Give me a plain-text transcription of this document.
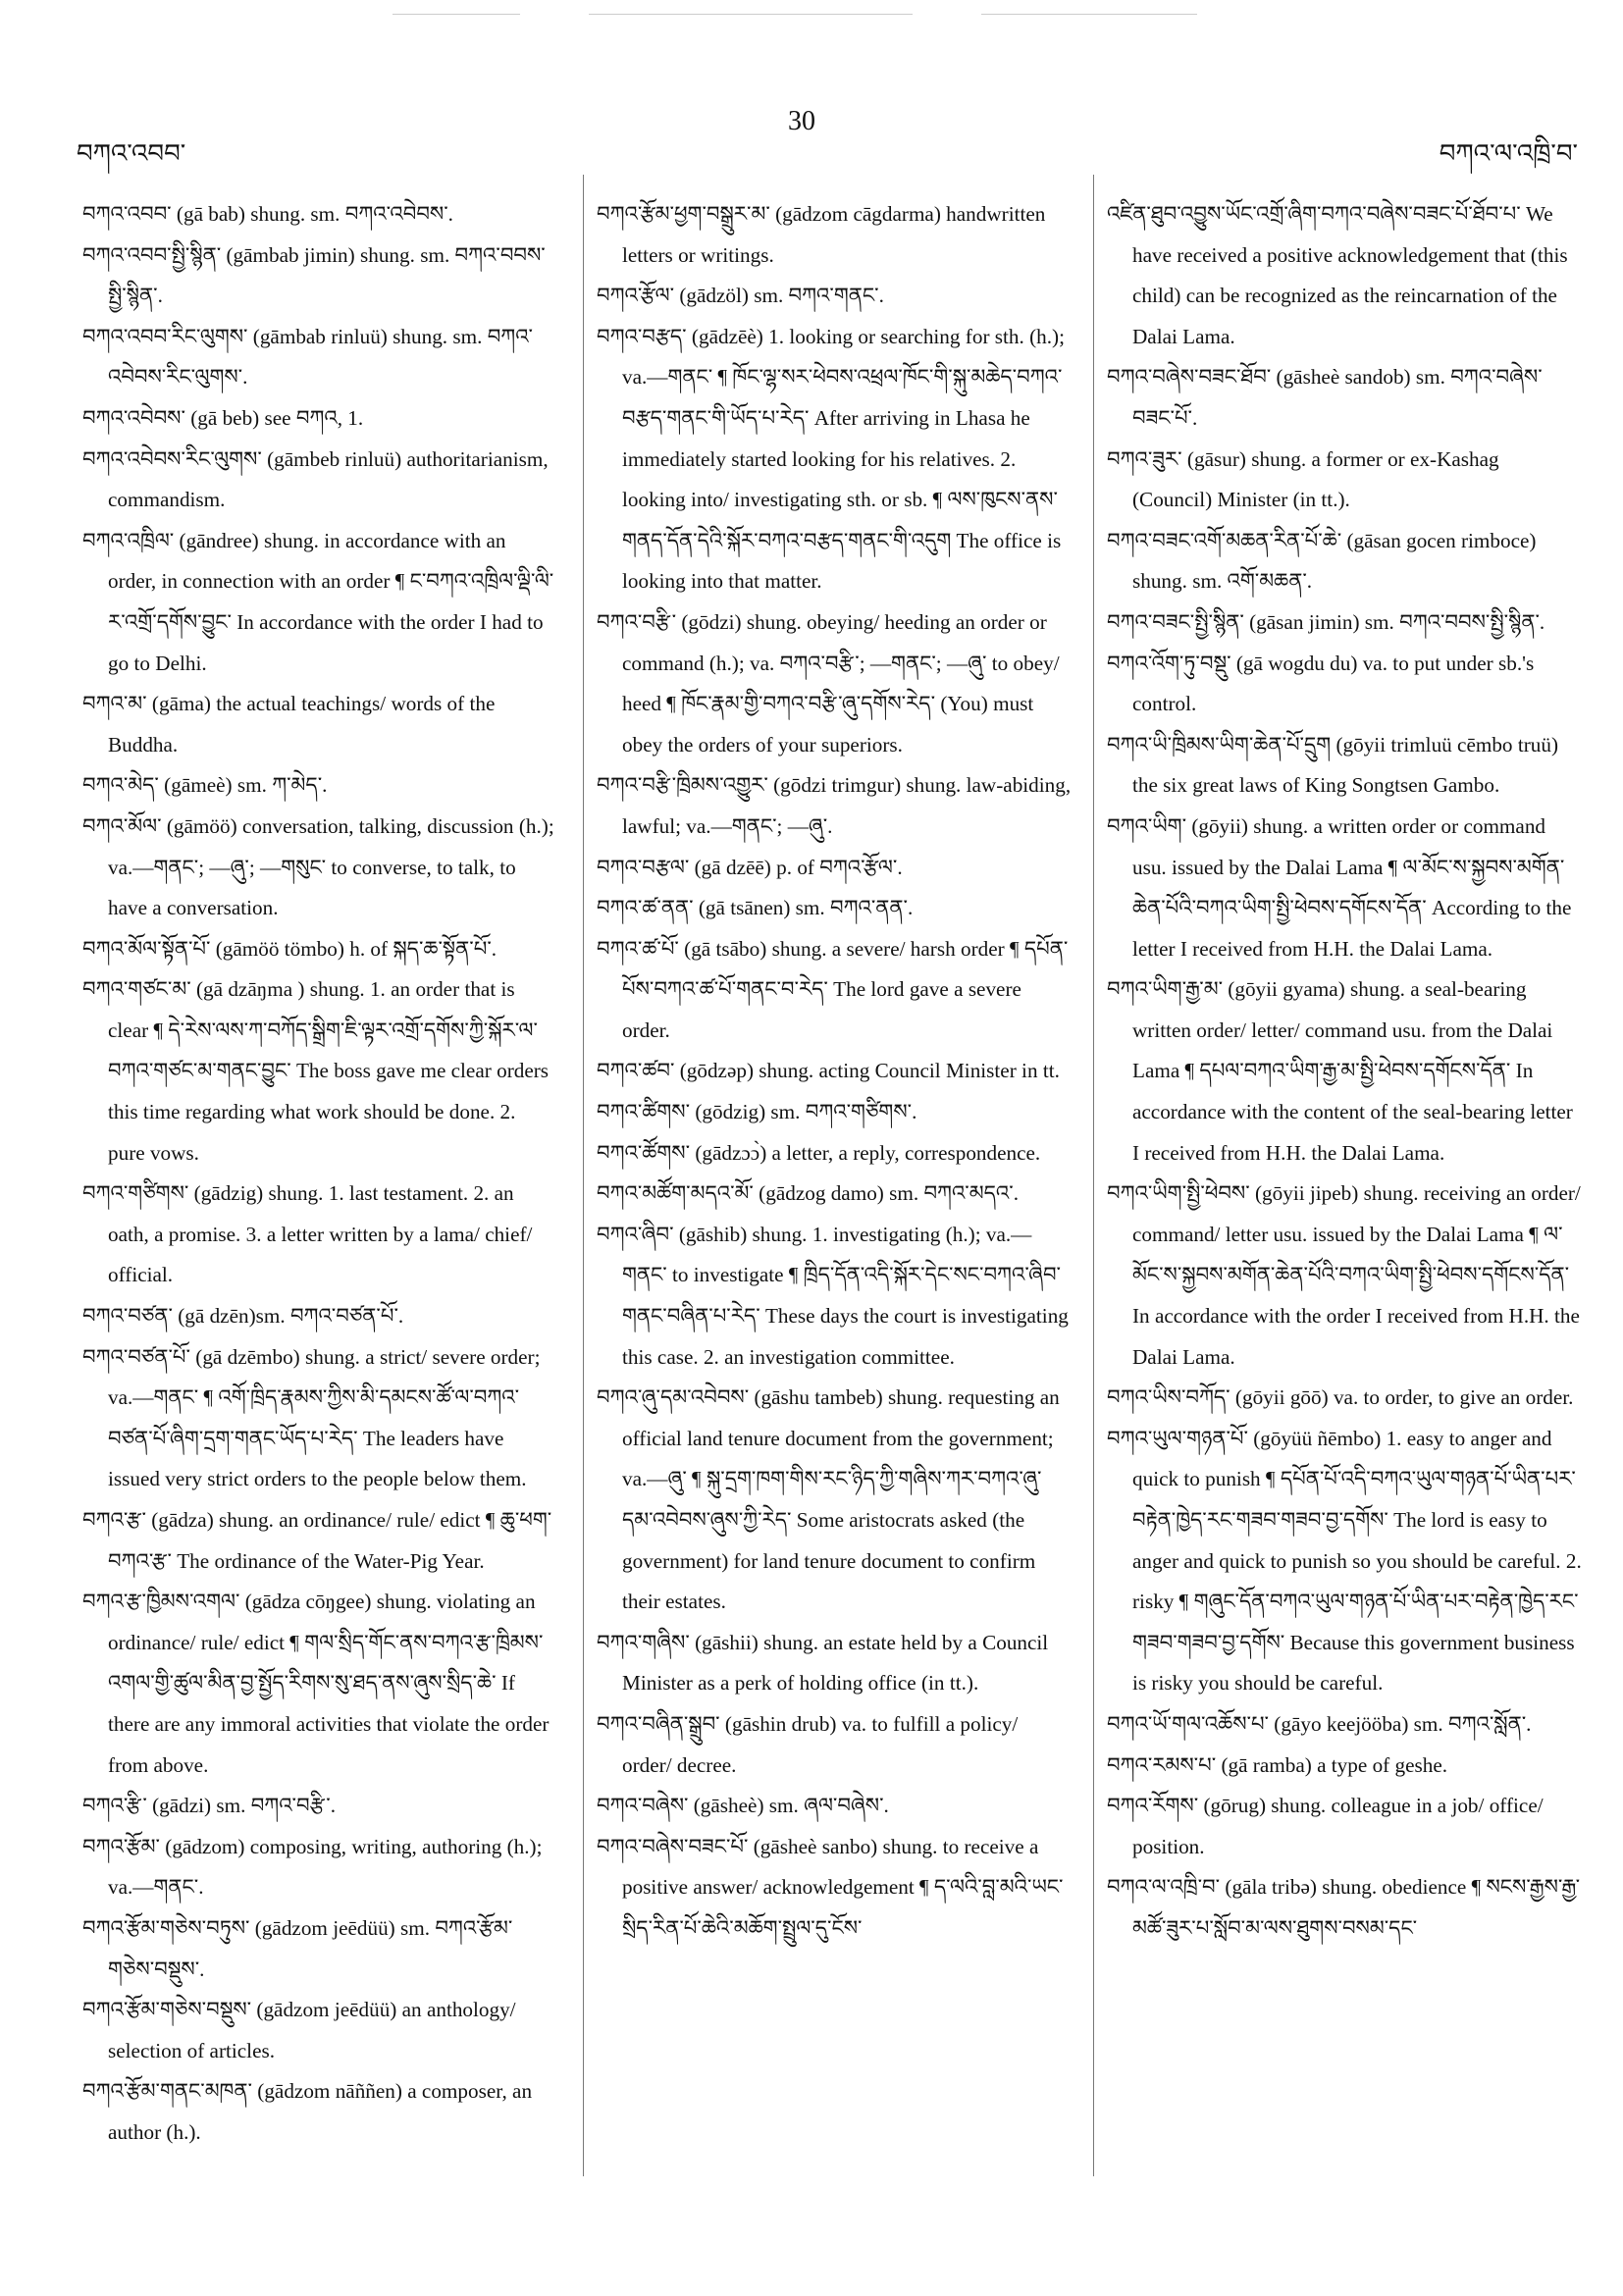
བཀའ་འབབ་
30
བཀའ་ལ་འཁྲི་བ་
བཀའ་འབབ་ (gā bab) shung. sm. བཀའ་འབེབས་.
བཀའ་འབབ་སྤྱི་སྙིན་ (gāmbab jimin) shung. sm. བཀའ་བབས་སྤྱི་སྙིན་.
བཀའ་འབབ་རིང་ལུགས་ (gāmbab rinluü) shung. sm. བཀའ་འབེབས་རིང་ལུགས་.
བཀའ་འབེབས་ (gā beb) see བཀའ, 1.
བཀའ་འབེབས་རིང་ལུགས་ (gāmbeb rinluü) authoritarianism, commandism.
བཀའ་འཁྲིལ་ (gāndree) shung. in accordance with an order, in connection with an order ¶ ང་བཀའ་འཁྲིལ་ལྡི་ལི་ར་འགྲོ་དགོས་བྱུང་ In accordance with the order I had to go to Delhi.
བཀའ་མ་ (gāma) the actual teachings/ words of the Buddha.
བཀའ་མེད་ (gāmeè) sm. ཀ་མེད་.
བཀའ་མོལ་ (gāmöö) conversation, talking, discussion (h.); va.—གནང་; —ཞུ་; —གསུང་ to converse, to talk, to have a conversation.
བཀའ་མོལ་སྟོན་པོ་ (gāmöö tömbo) h. of སྐད་ཆ་སྟོན་པོ་.
བཀའ་གཙང་མ་ (gā dzāŋma ) shung. 1. an order that is clear ¶ དེ་རེས་ལས་ཀ་བཀོད་སྒྲིག་ཇི་ལྟར་འགྲོ་དགོས་ཀྱི་སྐོར་ལ་བཀའ་གཙང་མ་གནང་བྱུང་ The boss gave me clear orders this time regarding what work should be done. 2. pure vows.
བཀའ་གཙིགས་ (gādzig) shung. 1. last testament. 2. an oath, a promise. 3. a letter written by a lama/ chief/ official.
བཀའ་བཙན་ (gā dzēn)sm. བཀའ་བཙན་པོ་.
བཀའ་བཙན་པོ་ (gā dzēmbo) shung. a strict/ severe order; va.—གནང་ ¶ འགོ་ཁྲིད་རྣམས་ཀྱིས་མི་དམངས་ཚོ་ལ་བཀའ་བཙན་པོ་ཞིག་དྲག་གནང་ཡོད་པ་རེད་ The leaders have issued very strict orders to the people below them.
བཀའ་རྩ་ (gādza) shung. an ordinance/ rule/ edict ¶ ཆུ་ཕག་བཀའ་རྩ་ The ordinance of the Water-Pig Year.
བཀའ་རྩ་ཁྱིམས་འགལ་ (gādza cōŋgee) shung. violating an ordinance/ rule/ edict ¶ གལ་སྲིད་གོང་ནས་བཀའ་རྩ་ཁྲིམས་འགལ་གྱི་ཚུལ་མིན་བྱ་སྤྱོད་རིགས་སུ་ཐད་ནས་ཞུས་སྲིད་ཆེ་ If there are any immoral activities that violate the order from above.
བཀའ་རྩི་ (gādzi) sm. བཀའ་བརྩི་.
བཀའ་རྩོམ་ (gādzom) composing, writing, authoring (h.); va.—གནང་.
བཀའ་རྩོམ་གཅེས་བཏུས་ (gādzom jeēdüü) sm. བཀའ་རྩོམ་གཅེས་བསྡུས་.
བཀའ་རྩོམ་གཅེས་བསྡུས་ (gādzom jeēdüü) an anthology/ selection of articles.
བཀའ་རྩོམ་གནང་མཁན་ (gādzom nāññen) a composer, an author (h.).
བཀའ་རྩོམ་ཕྱག་བསྒྲུར་མ་ (gādzom cāgdarma) handwritten letters or writings.
བཀའ་རྩོལ་ (gādzöl) sm. བཀའ་གནང་.
བཀའ་བརྩད་ (gādzēè) 1. looking or searching for sth. (h.); va.—གནང་ ¶ ཁོང་ལྷ་སར་ཕེབས་འཕྲལ་ཁོང་གི་སྐུ་མཆེད་བཀའ་བརྩད་གནང་གི་ཡོད་པ་རེད་ After arriving in Lhasa he immediately started looking for his relatives. 2. looking into/ investigating sth. or sb. ¶ ལས་ཁུངས་ནས་གནད་དོན་དེའི་སྐོར་བཀའ་བརྩད་གནང་གི་འདུག The office is looking into that matter.
བཀའ་བརྩི་ (gōdzi) shung. obeying/ heeding an order or command (h.); va. བཀའ་བརྩི་; —གནང་; —ཞུ་ to obey/ heed ¶ ཁོང་རྣམ་གྱི་བཀའ་བརྩི་ཞུ་དགོས་རེད་ (You) must obey the orders of your superiors.
བཀའ་བརྩི་ཁྲིམས་འགྱུར་ (gōdzi trimgur) shung. law-abiding, lawful; va.—གནང་; —ཞུ་.
བཀའ་བརྩལ་ (gā dzēē) p. of བཀའ་རྩོལ་.
བཀའ་ཚ་ནན་ (gā tsānen) sm. བཀའ་ནན་.
བཀའ་ཚ་པོ་ (gā tsābo) shung. a severe/ harsh order ¶ དཔོན་པོས་བཀའ་ཚ་པོ་གནང་བ་རེད་ The lord gave a severe order.
བཀའ་ཚབ་ (gōdzəp) shung. acting Council Minister in tt.
བཀའ་ཚིགས་ (gōdzig) sm. བཀའ་གཙིགས་.
བཀའ་ཚོགས་ (gādzɔɔ̀) a letter, a reply, correspondence.
བཀའ་མཚོག་མདའ་མོ་ (gādzog damo) sm. བཀའ་མདའ་.
བཀའ་ཞིབ་ (gāshib) shung. 1. investigating (h.); va.—གནང་ to investigate ¶ ཁྲིད་དོན་འདི་སྐོར་དེང་སང་བཀའ་ཞིབ་གནང་བཞིན་པ་རེད་ These days the court is investigating this case. 2. an investigation committee.
བཀའ་ཞུ་དམ་འབེབས་ (gāshu tambeb) shung. requesting an official land tenure document from the government; va.—ཞུ་ ¶ སྐུ་དྲག་ཁག་གིས་རང་ཉིད་ཀྱི་གཞིས་ཀར་བཀའ་ཞུ་དམ་འབེབས་ཞུས་ཀྱི་རེད་ Some aristocrats asked (the government) for land tenure document to confirm their estates.
བཀའ་གཞིས་ (gāshii) shung. an estate held by a Council Minister as a perk of holding office (in tt.).
བཀའ་བཞིན་སྒྲུབ་ (gāshin drub) va. to fulfill a policy/ order/ decree.
བཀའ་བཞེས་ (gāsheè) sm. ཞལ་བཞེས་.
བཀའ་བཞེས་བཟང་པོ་ (gāsheè sanbo) shung. to receive a positive answer/ acknowledgement ¶ ད་ལའི་བླ་མའི་ཡང་སྲིད་རིན་པོ་ཆེའི་མཆོག་སྤྲུལ་དུ་ངོས་
འཛིན་ཐུབ་འབྱུས་ཡོང་འགྲོ་ཞིག་བཀའ་བཞེས་བཟང་པོ་ཐོབ་པ་ We have received a positive acknowledgement that (this child) can be recognized as the reincarnation of the Dalai Lama.
བཀའ་བཞེས་བཟང་ཐོབ་ (gāsheè sandob) sm. བཀའ་བཞེས་བཟང་པོ་.
བཀའ་ཟུར་ (gāsur) shung. a former or ex-Kashag (Council) Minister (in tt.).
བཀའ་བཟང་འགོ་མཆན་རིན་པོ་ཆེ་ (gāsan gocen rimboce) shung. sm. འགོ་མཆན་.
བཀའ་བཟང་སྤྱི་སྙིན་ (gāsan jimin) sm. བཀའ་བབས་སྤྱི་སྙིན་.
བཀའ་འོག་ཏུ་བསྡུ་ (gā wogdu du) va. to put under sb.'s control.
བཀའ་ཡི་ཁྲིམས་ཡིག་ཆེན་པོ་དྲུག (gōyii trimluü cēmbo truü) the six great laws of King Songtsen Gambo.
བཀའ་ཡིག་ (gōyii) shung. a written order or command usu. issued by the Dalai Lama ¶ ལ་མོང་ས་སྐྱབས་མགོན་ཆེན་པོའི་བཀའ་ཡིག་སྤྱི་ཕེབས་དགོངས་དོན་ According to the letter I received from H.H. the Dalai Lama.
བཀའ་ཡིག་རྒྱ་མ་ (gōyii gyama) shung. a seal-bearing written order/ letter/ command usu. from the Dalai Lama ¶ དཔལ་བཀའ་ཡིག་རྒྱ་མ་སྤྱི་ཕེབས་དགོངས་དོན་ In accordance with the content of the seal-bearing letter I received from H.H. the Dalai Lama.
བཀའ་ཡིག་སྤྱི་ཕེབས་ (gōyii jipeb) shung. receiving an order/ command/ letter usu. issued by the Dalai Lama ¶ ལ་མོང་ས་སྐྱབས་མགོན་ཆེན་པོའི་བཀའ་ཡིག་སྤྱི་ཕེབས་དགོངས་དོན་ In accordance with the order I received from H.H. the Dalai Lama.
བཀའ་ཡིས་བཀོད་ (gōyii gōō) va. to order, to give an order.
བཀའ་ཡུལ་གཉན་པོ་ (gōyüü ñēmbo) 1. easy to anger and quick to punish ¶ དཔོན་པོ་འདི་བཀའ་ཡུལ་གཉན་པོ་ཡིན་པར་བརྟེན་ཁྱེད་རང་གཟབ་གཟབ་བྱ་དགོས་ The lord is easy to anger and quick to punish so you should be careful. 2. risky ¶ གཞུང་དོན་བཀའ་ཡུལ་གཉན་པོ་ཡིན་པར་བརྟེན་ཁྱེད་རང་གཟབ་གཟབ་བྱ་དགོས་ Because this government business is risky you should be careful.
བཀའ་ཡོ་གལ་འཆོས་པ་ (gāyo keejööba) sm. བཀའ་སློན་.
བཀའ་རམས་པ་ (gā ramba) a type of geshe.
བཀའ་རོགས་ (gōrug) shung. colleague in a job/ office/ position.
བཀའ་ལ་འཁྲི་བ་ (gāla tribə) shung. obedience ¶ སངས་རྒྱས་རྒྱ་མཚོ་ཟུར་པ་སློབ་མ་ལས་ཐུགས་བསམ་དང་
